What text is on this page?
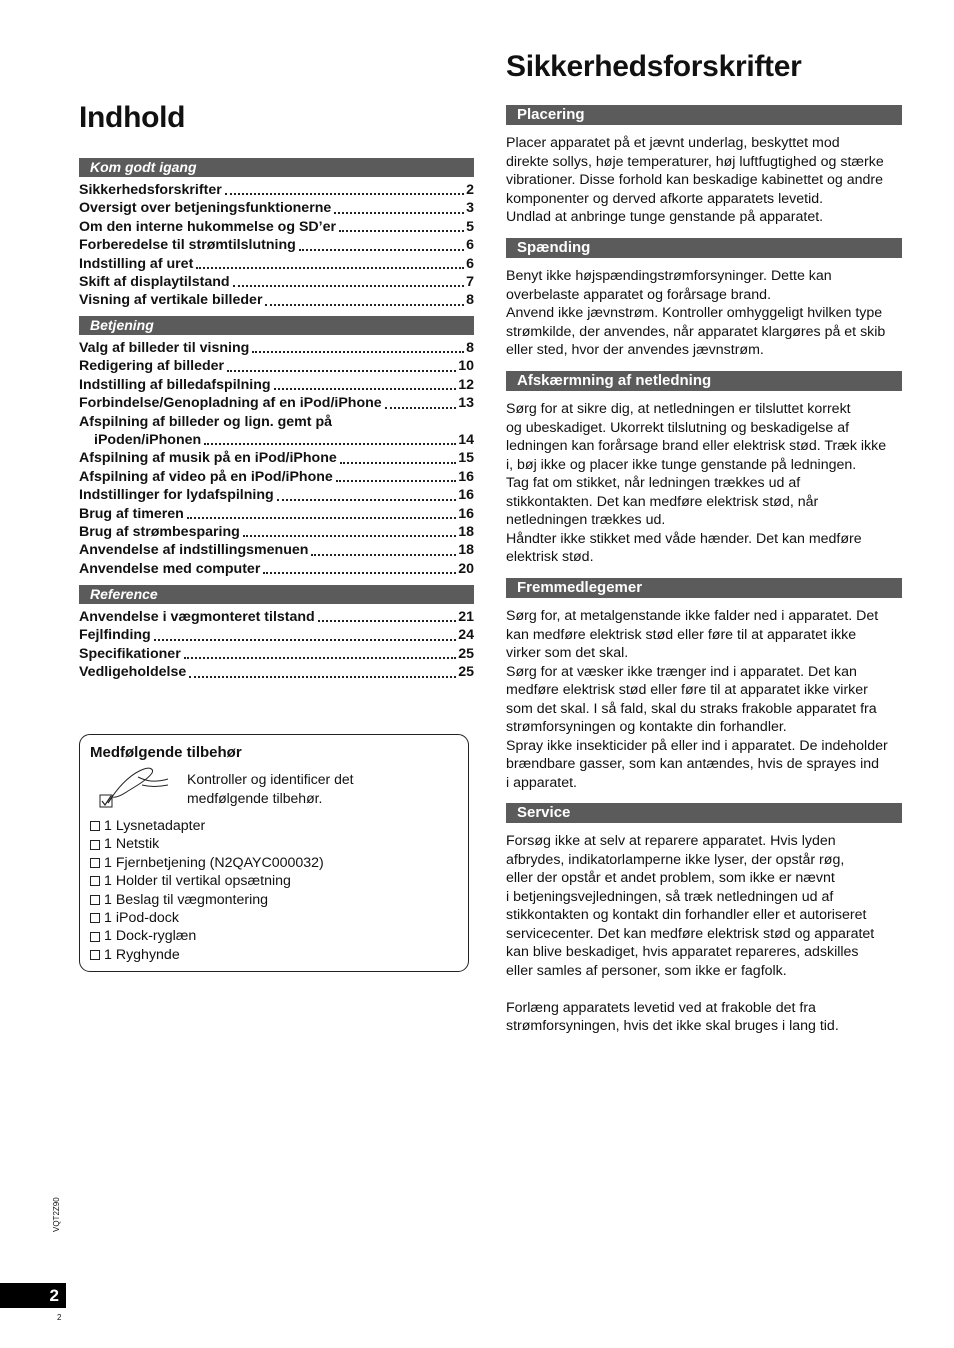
Indhold
Kom godt igang
Sikkerhedsforskrifter	2
Oversigt over betjeningsfunktionerne	3
Om den interne hukommelse og SD’er	5
Forberedelse til strømtilslutning	6
Indstilling af uret	6
Skift af displaytilstand	7
Visning af vertikale billeder	8
Betjening
Valg af billeder til visning	8
Redigering af billeder	10
Indstilling af billedafspilning	12
Forbindelse/Genopladning af en iPod/iPhone	13
Afspilning af billeder og lign. gemt på
iPoden/iPhonen	14
Afspilning af musik på en iPod/iPhone	15
Afspilning af video på en iPod/iPhone	16
Indstillinger for lydafspilning	16
Brug af timeren	16
Brug af strømbesparing	18
Anvendelse af indstillingsmenuen	18
Anvendelse med computer	20
Reference
Anvendelse i vægmonteret tilstand	21
Fejlfinding	24
Specifikationer	25
Vedligeholdelse	25
Medfølgende tilbehør
Kontroller og identificer det
medfølgende tilbehør.
1 Lysnetadapter
1 Netstik
1 Fjernbetjening (N2QAYC000032)
1 Holder til vertikal opsætning
1 Beslag til vægmontering
1 iPod-dock
1 Dock-ryglæn
1 Ryghynde
Sikkerhedsforskrifter
Placering

Placer apparatet på et jævnt underlag, beskyttet mod

direkte sollys, høje temperaturer, høj luftfugtighed og stærke

vibrationer. Disse forhold kan beskadige kabinettet og andre

komponenter og derved afkorte apparatets levetid.

Undlad at anbringe tunge genstande på apparatet.

Spænding

Benyt ikke højspændingstrømforsyninger. Dette kan

overbelaste apparatet og forårsage brand.

Anvend ikke jævnstrøm. Kontroller omhyggeligt hvilken type

strømkilde, der anvendes, når apparatet klargøres på et skib

eller sted, hvor der anvendes jævnstrøm.

Afskærmning af netledning

Sørg for at sikre dig, at netledningen er tilsluttet korrekt

og ubeskadiget. Ukorrekt tilslutning og beskadigelse af

ledningen kan forårsage brand eller elektrisk stød. Træk ikke

i, bøj ikke og placer ikke tunge genstande på ledningen.

Tag fat om stikket, når ledningen trækkes ud af

stikkontakten. Det kan medføre elektrisk stød, når

netledningen trækkes ud.

Håndter ikke stikket med våde hænder. Det kan medføre

elektrisk stød.

Fremmedlegemer

Sørg for, at metalgenstande ikke falder ned i apparatet. Det

kan medføre elektrisk stød eller føre til at apparatet ikke

virker som det skal.

Sørg for at væsker ikke trænger ind i apparatet. Det kan

medføre elektrisk stød eller føre til at apparatet ikke virker

som det skal. I så fald, skal du straks frakoble apparatet fra

strømforsyningen og kontakte din forhandler.

Spray ikke insekticider på eller ind i apparatet. De indeholder

brændbare gasser, som kan antændes, hvis de sprayes ind

i apparatet.

Service

Forsøg ikke at selv at reparere apparatet. Hvis lyden

afbrydes, indikatorlamperne ikke lyser, der opstår røg,

eller der opstår et andet problem, som ikke er nævnt

i betjeningsvejledningen, så træk netledningen ud af

stikkontakten og kontakt din forhandler eller et autoriseret

servicecenter. Det kan medføre elektrisk stød og apparatet

kan blive beskadiget, hvis apparatet repareres, adskilles

eller samles af personer, som ikke er fagfolk.

Forlæng apparatets levetid ved at frakoble det fra

strømforsyningen, hvis det ikke skal bruges i lang tid.

VQT2Z90
2
2
